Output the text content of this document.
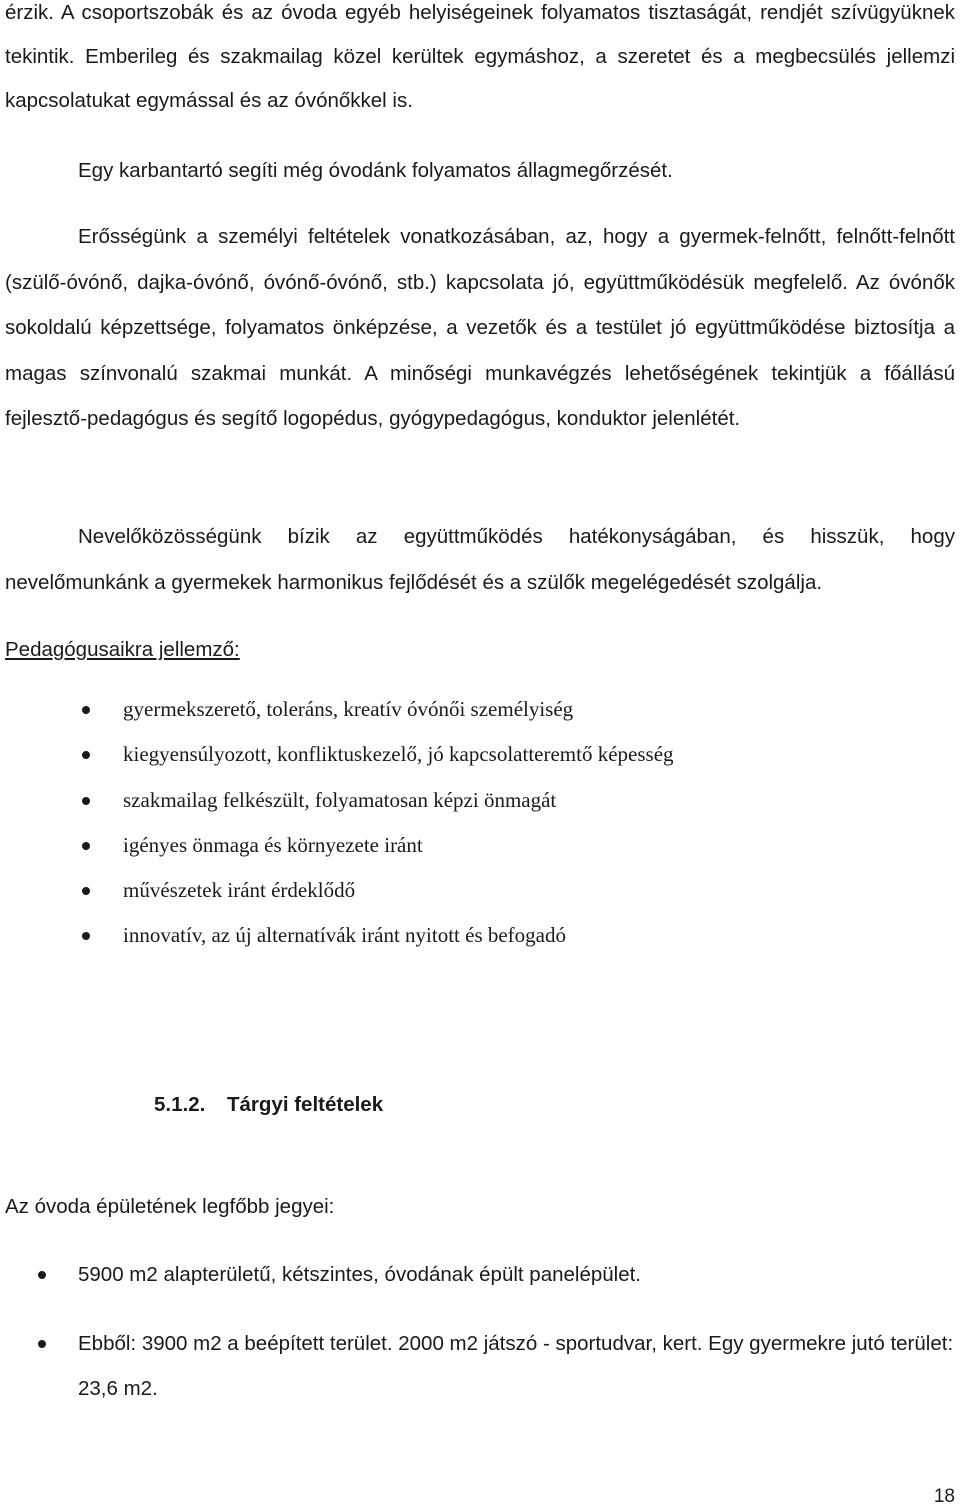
érzik. A csoportszobák és az óvoda egyéb helyiségeinek folyamatos tisztaságát, rendjét szívügyüknek tekintik. Emberileg és szakmailag közel kerültek egymáshoz, a szeretet és a megbecsülés jellemzi kapcsolatukat egymással és az óvónőkkel is.

Egy karbantartó segíti még óvodánk folyamatos állagmegőrzését.

Erősségünk a személyi feltételek vonatkozásában, az, hogy a gyermek-felnőtt, felnőtt-felnőtt (szülő-óvónő, dajka-óvónő, óvónő-óvónő, stb.) kapcsolata jó, együttműködésük megfelelő. Az óvónők sokoldalú képzettsége, folyamatos önképzése, a vezetők és a testület jó együttműködése biztosítja a magas színvonalú szakmai munkát. A minőségi munkavégzés lehetőségének tekintjük a főállású fejlesztő-pedagógus és segítő logopédus, gyógypedagógus, konduktor jelenlétét.

Nevelőközösségünk bízik az együttműködés hatékonyságában, és hisszük, hogy nevelőmunkánk a gyermekek harmonikus fejlődését és a szülők megelégedését szolgálja.

Pedagógusaikra jellemző:

gyermekszerető, toleráns, kreatív óvónői személyiség
kiegyensúlyozott, konfliktuskezelő, jó kapcsolatteremtő képesség
szakmailag felkészült, folyamatosan képzi önmagát
igényes önmaga és környezete iránt
művészetek iránt érdeklődő
innovatív, az új alternatívák iránt nyitott és befogadó
5.1.2. Tárgyi feltételek

Az óvoda épületének legfőbb jegyei:

5900 m2 alapterületű, kétszintes, óvodának épült panelépület.
Ebből: 3900 m2 a beépített terület. 2000 m2 játszó - sportudvar, kert. Egy gyermekre jutó terület: 23,6 m2.

18
